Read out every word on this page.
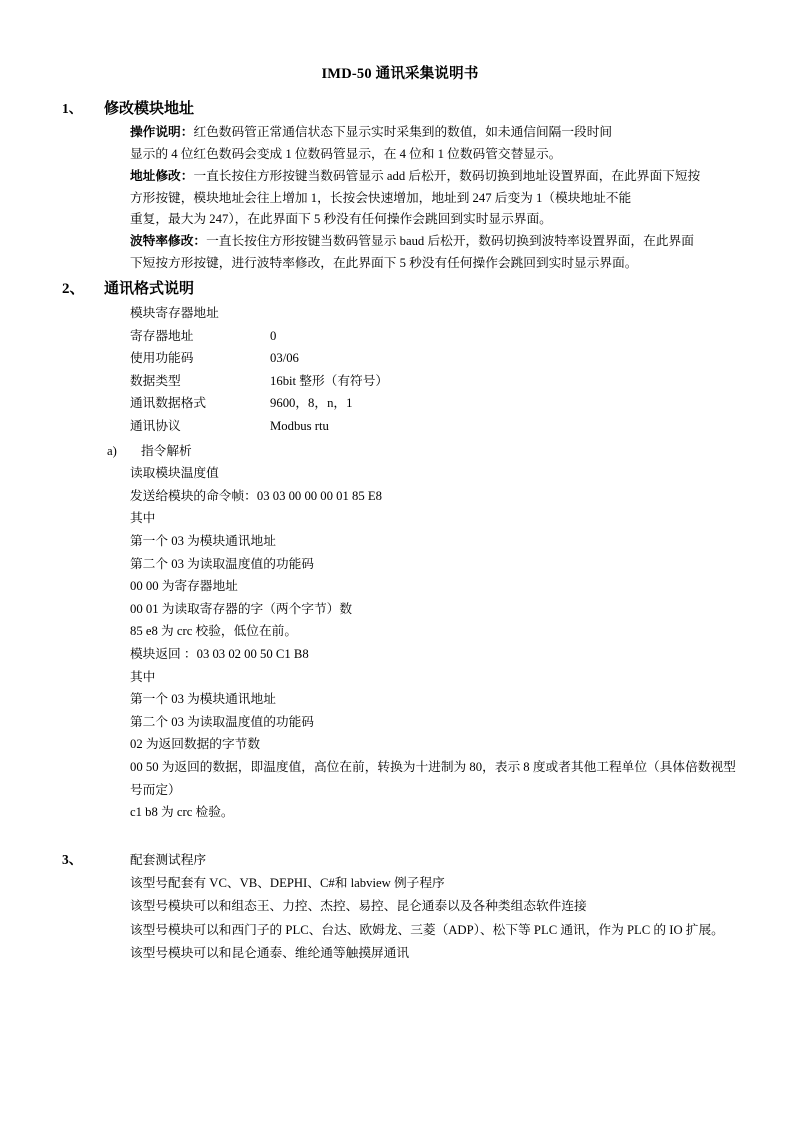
IMD-50 通讯采集说明书
1、	修改模块地址

操作说明：红色数码管正常通信状态下显示实时采集到的数值，如未通信间隔一段时间

显示的 4 位红色数码会变成 1 位数码管显示，在 4 位和 1 位数码管交替显示。

地址修改：一直长按住方形按键当数码管显示 add 后松开，数码切换到地址设置界面，在此界面下短按

方形按键，模块地址会往上增加 1，长按会快速增加，地址到 247 后变为 1（模块地址不能

重复，最大为 247），在此界面下 5 秒没有任何操作会跳回到实时显示界面。

波特率修改：一直长按住方形按键当数码管显示 baud 后松开，数码切换到波特率设置界面，在此界面

下短按方形按键，进行波特率修改，在此界面下 5 秒没有任何操作会跳回到实时显示界面。

2、	通讯格式说明
模块寄存器地址
寄存器地址	0
使用功能码	03/06
数据类型	16bit 整形（有符号）
通讯数据格式	9600，8，n，1
通讯协议	Modbus rtu
a)	指令解析

读取模块温度值

发送给模块的命令帧：03 03 00 00 00 01 85 E8

其中

第一个 03 为模块通讯地址

第二个 03 为读取温度值的功能码

00 00 为寄存器地址

00 01 为读取寄存器的字（两个字节）数

85 e8 为 crc 校验，低位在前。

模块返回 ：03 03 02 00 50 C1 B8

其中

第一个 03 为模块通讯地址

第二个 03 为读取温度值的功能码

02 为返回数据的字节数

00 50 为返回的数据，即温度值，高位在前，转换为十进制为 80，表示 8 度或者其他工程单位（具体倍数视型号而定）

c1 b8 为 crc 检验。

3、	配套测试程序

该型号配套有 VC、VB、DEPHI、C#和 labview 例子程序

该型号模块可以和组态王、力控、杰控、易控、昆仑通泰以及各种类组态软件连接

该型号模块可以和西门子的 PLC、台达、欧姆龙、三菱（ADP）、松下等 PLC 通讯，作为 PLC 的 IO 扩展。

该型号模块可以和昆仑通泰、维纶通等触摸屏通讯
